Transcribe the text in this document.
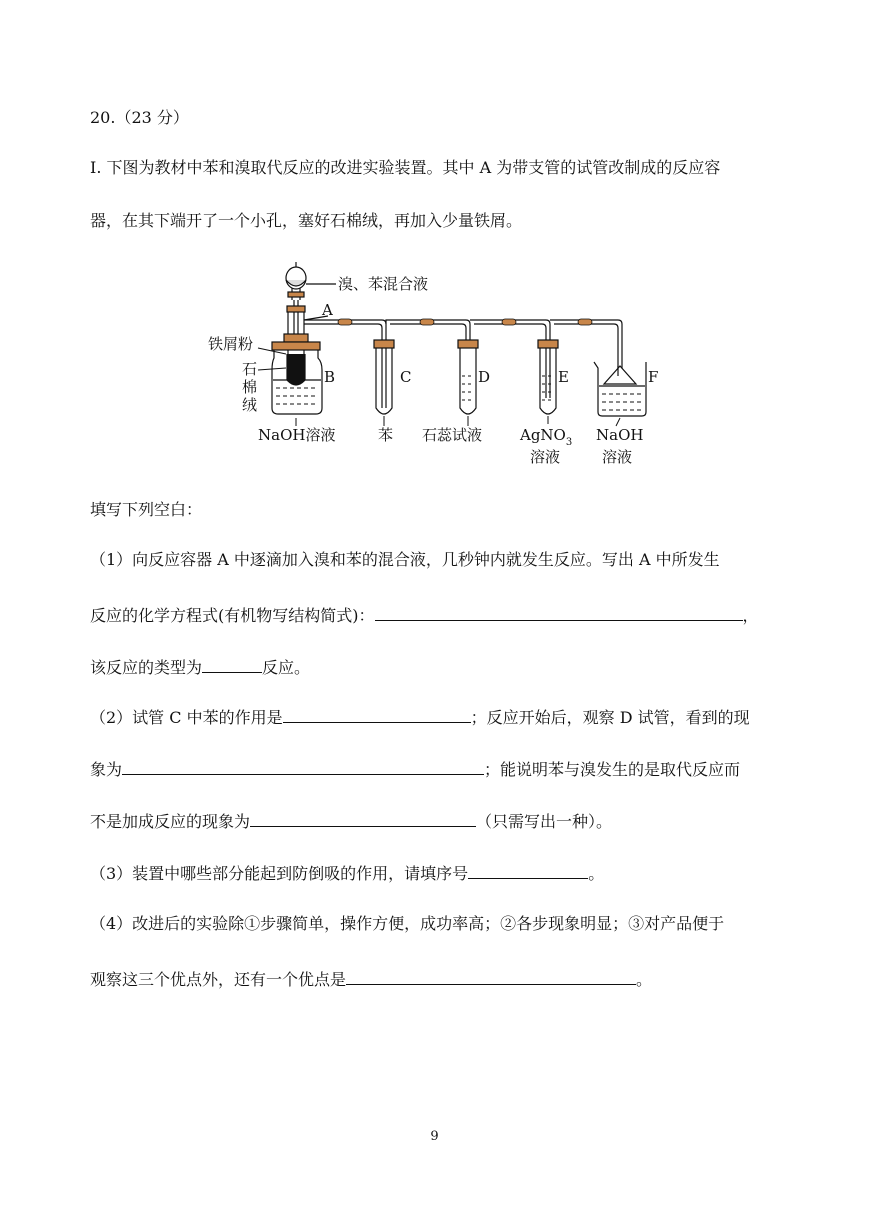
20.（23 分）
I. 下图为教材中苯和溴取代反应的改进实验装置。其中 A 为带支管的试管改制成的反应容
器，在其下端开了一个小孔，塞好石棉绒，再加入少量铁屑。
溴、苯混合液
A
铁屑粉
石
棉
绒
B
NaOH溶液
C
苯
D
石蕊试液
E
AgNO$_3$
溶液
F
NaOH
溶液
填写下列空白：
（1）向反应容器 A 中逐滴加入溴和苯的混合液，几秒钟内就发生反应。写出 A 中所发生
反应的化学方程式(有机物写结构简式)：	，
该反应的类型为	反应。
（2）试管 C 中苯的作用是	；反应开始后，观察 D 试管，看到的现
象为	；能说明苯与溴发生的是取代反应而
不是加成反应的现象为	（只需写出一种）。
（3）装置中哪些部分能起到防倒吸的作用，请填序号	。
（4）改进后的实验除①步骤简单，操作方便，成功率高；②各步现象明显；③对产品便于
观察这三个优点外，还有一个优点是	。
9
